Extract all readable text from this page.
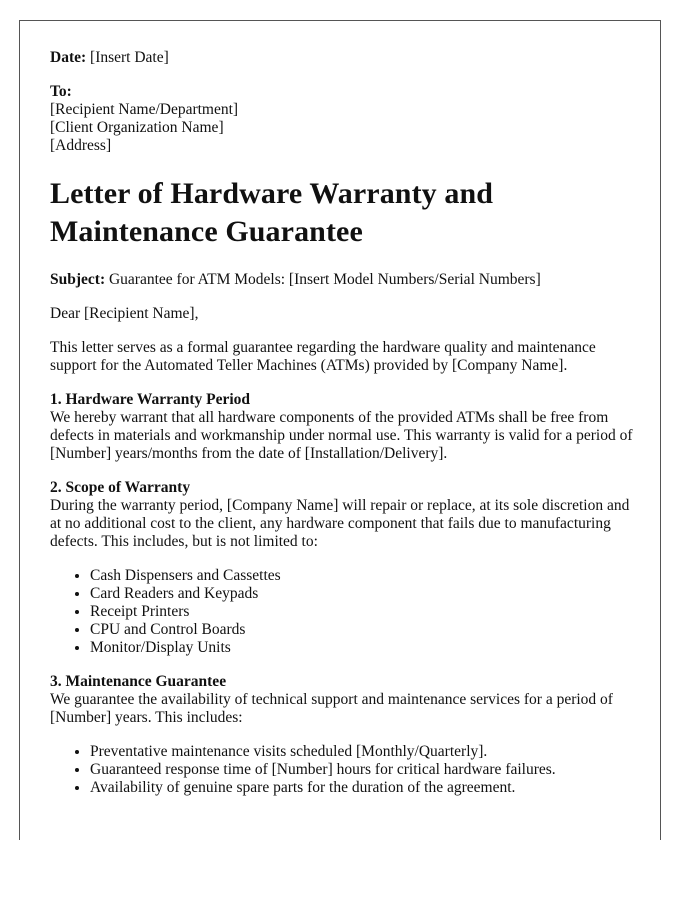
Date: [Insert Date]

To:
[Recipient Name/Department]
[Client Organization Name]
[Address]
Letter of Hardware Warranty and Maintenance Guarantee

Subject: Guarantee for ATM Models: [Insert Model Numbers/Serial Numbers]

Dear [Recipient Name],

This letter serves as a formal guarantee regarding the hardware quality and maintenance support for the Automated Teller Machines (ATMs) provided by [Company Name].

1. Hardware Warranty Period

We hereby warrant that all hardware components of the provided ATMs shall be free from defects in materials and workmanship under normal use. This warranty is valid for a period of [Number] years/months from the date of [Installation/Delivery].

2. Scope of Warranty

During the warranty period, [Company Name] will repair or replace, at its sole discretion and at no additional cost to the client, any hardware component that fails due to manufacturing defects. This includes, but is not limited to:

• Cash Dispensers and Cassettes
• Card Readers and Keypads
• Receipt Printers
• CPU and Control Boards
• Monitor/Display Units
3. Maintenance Guarantee

We guarantee the availability of technical support and maintenance services for a period of [Number] years. This includes:

• Preventative maintenance visits scheduled [Monthly/Quarterly].
• Guaranteed response time of [Number] hours for critical hardware failures.
• Availability of genuine spare parts for the duration of the agreement.
